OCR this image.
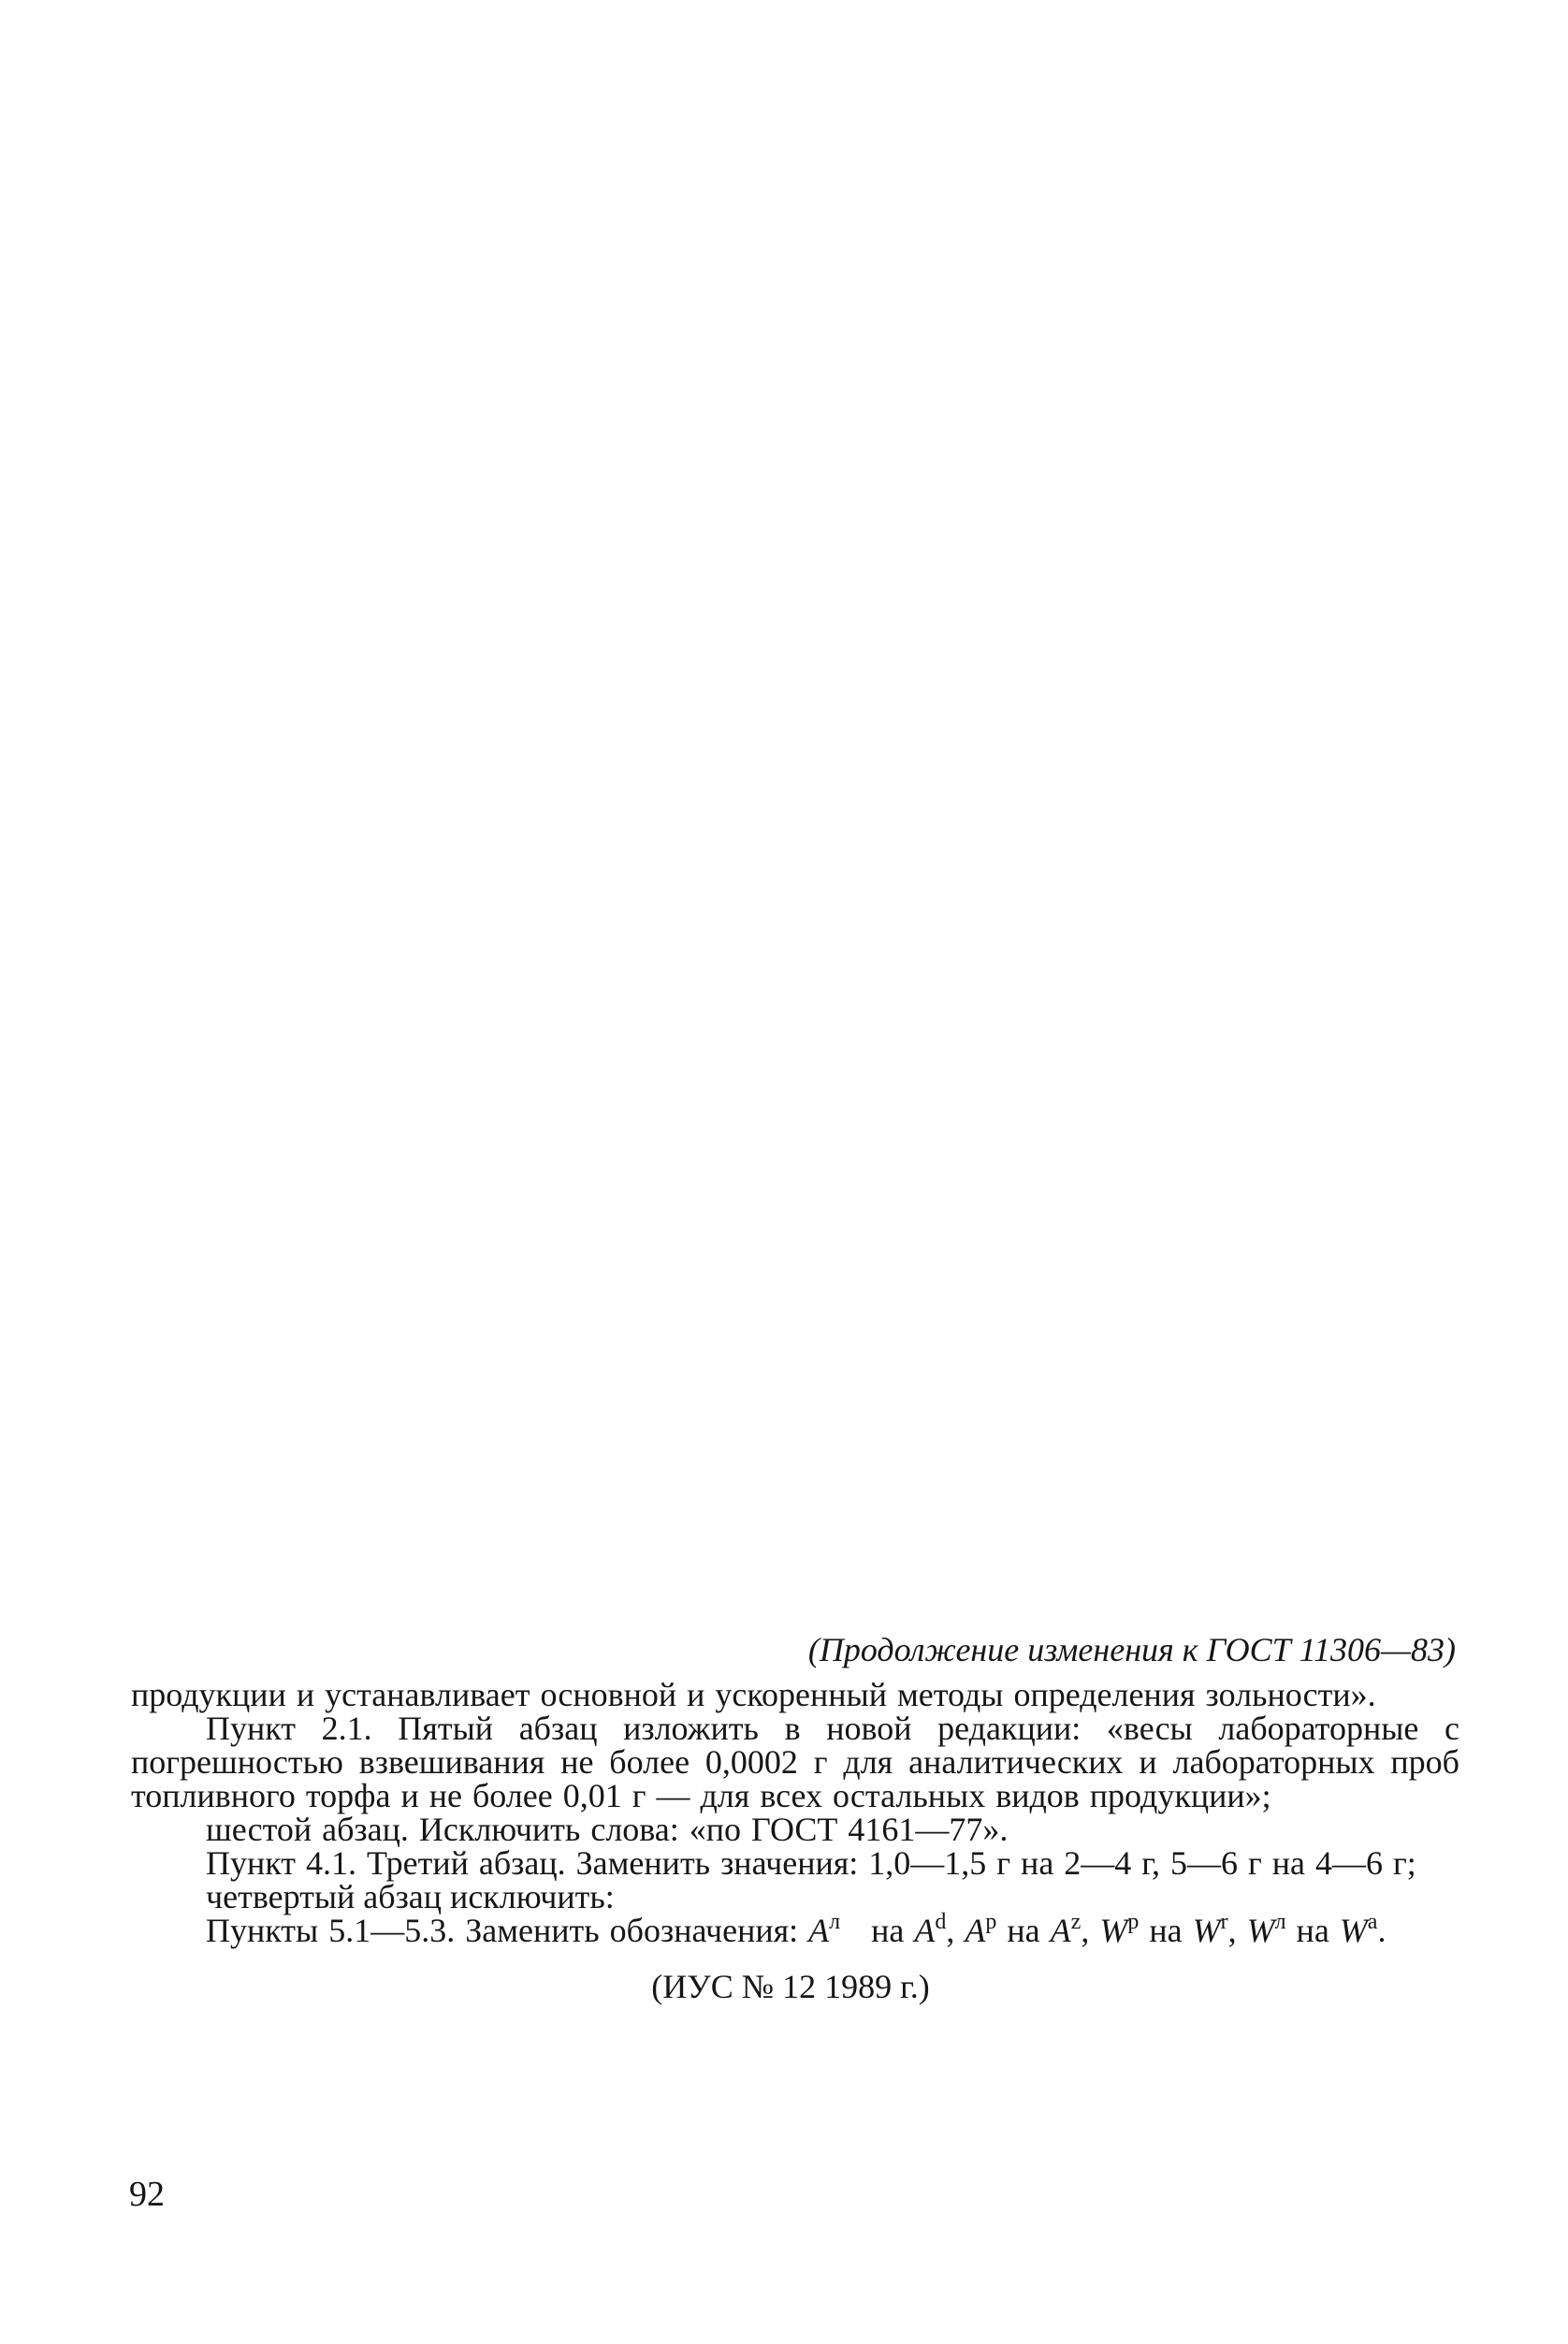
(Продолжение изменения к ГОСТ 11306—83)

продукции и устанавливает основной и ускоренный методы определения зольности».

Пункт 2.1. Пятый абзац изложить в новой редакции: «весы лабораторные с погрешностью взвешивания не более 0,0002 г для аналитических и лабораторных проб топливного торфа и не более 0,01 г — для всех остальных видов продукции»;

шестой абзац. Исключить слова: «по ГОСТ 4161—77».

Пункт 4.1. Третий абзац. Заменить значения: 1,0—1,5 г на 2—4 г, 5—6 г на 4—6 г;

четвертый абзац исключить:

Пункты 5.1—5.3. Заменить обозначения: $A^л$ на $A^d$, $A^р$ на $A^z$, $W^р$ на $W^r$, $W^л$ на $W^a$.

(ИУС № 12 1989 г.)
92
